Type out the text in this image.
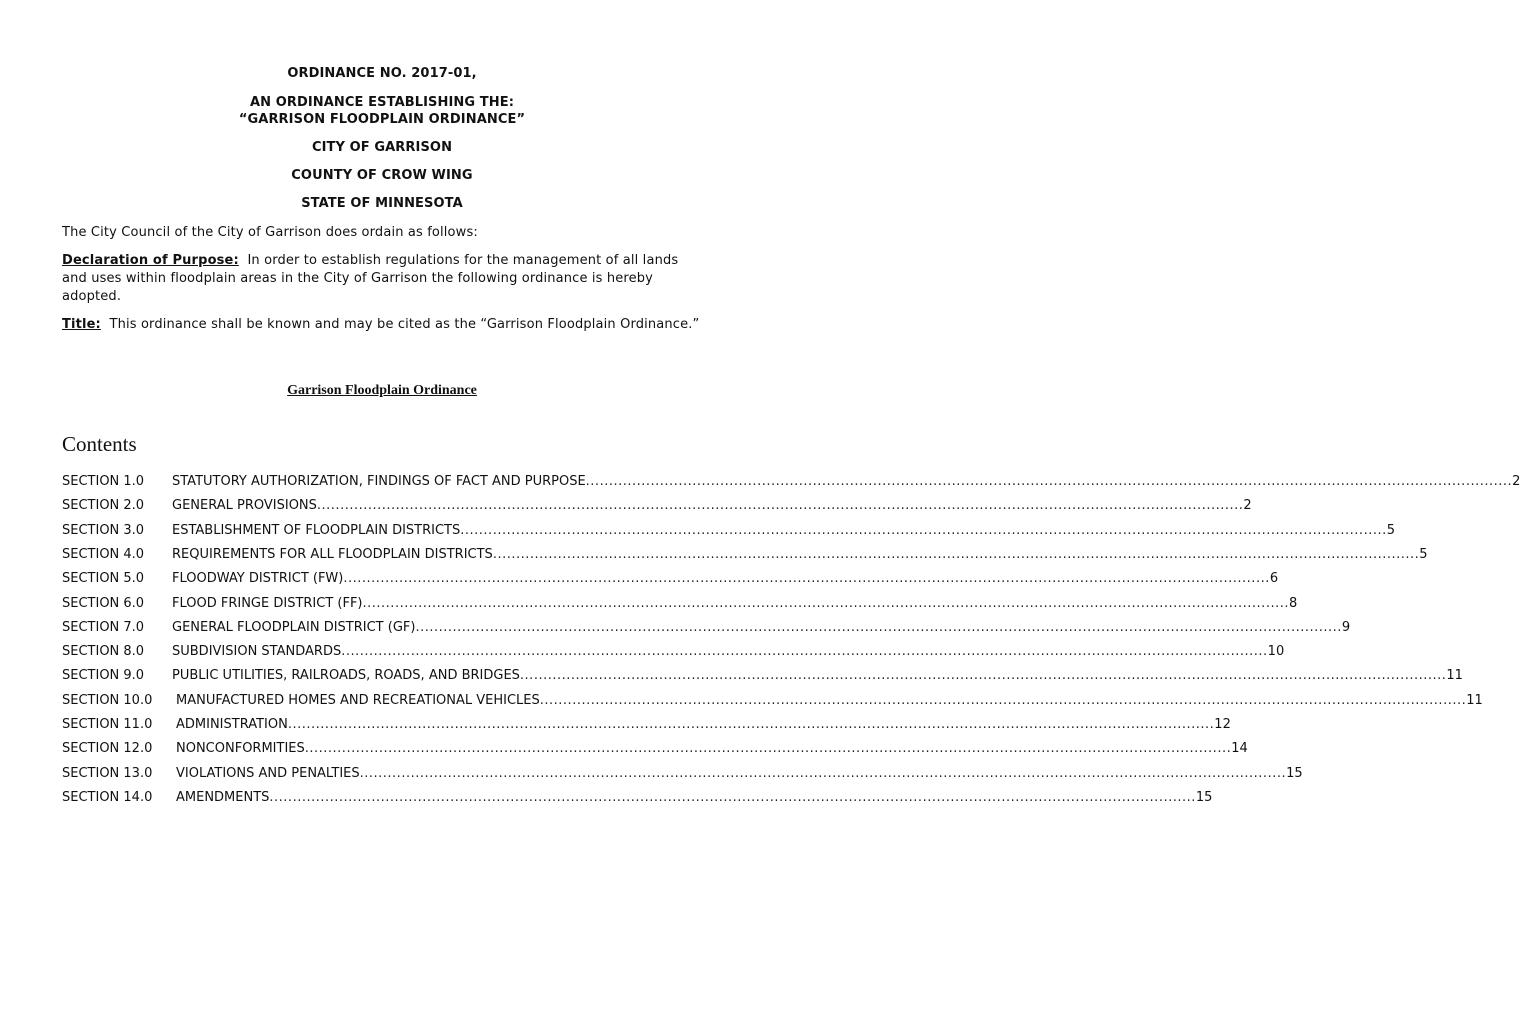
ORDINANCE NO. 2017-01,
AN ORDINANCE ESTABLISHING THE:
“GARRISON FLOODPLAIN ORDINANCE”
CITY OF GARRISON
COUNTY OF CROW WING
STATE OF MINNESOTA
The City Council of the City of Garrison does ordain as follows:
Declaration of Purpose: In order to establish regulations for the management of all lands and uses within floodplain areas in the City of Garrison the following ordinance is hereby adopted.
Title: This ordinance shall be known and may be cited as the “Garrison Floodplain Ordinance.”
Garrison Floodplain Ordinance
Contents
SECTION 1.0	STATUTORY AUTHORIZATION, FINDINGS OF FACT AND PURPOSE ........................................................................................................................................................................................................ 2
SECTION 2.0	GENERAL PROVISIONS ........................................................................................................................................................................................................ 2
SECTION 3.0	ESTABLISHMENT OF FLOODPLAIN DISTRICTS ........................................................................................................................................................................................................ 5
SECTION 4.0	REQUIREMENTS FOR ALL FLOODPLAIN DISTRICTS ........................................................................................................................................................................................................ 5
SECTION 5.0	FLOODWAY DISTRICT (FW) ........................................................................................................................................................................................................ 6
SECTION 6.0	FLOOD FRINGE DISTRICT (FF) ........................................................................................................................................................................................................ 8
SECTION 7.0	GENERAL FLOODPLAIN DISTRICT (GF) ........................................................................................................................................................................................................ 9
SECTION 8.0	SUBDIVISION STANDARDS ........................................................................................................................................................................................................ 10
SECTION 9.0	PUBLIC UTILITIES, RAILROADS, ROADS, AND BRIDGES ........................................................................................................................................................................................................ 11
SECTION 10.0	MANUFACTURED HOMES AND RECREATIONAL VEHICLES ........................................................................................................................................................................................................ 11
SECTION 11.0	ADMINISTRATION ........................................................................................................................................................................................................ 12
SECTION 12.0	NONCONFORMITIES ........................................................................................................................................................................................................ 14
SECTION 13.0	VIOLATIONS AND PENALTIES ........................................................................................................................................................................................................ 15
SECTION 14.0	AMENDMENTS ........................................................................................................................................................................................................ 15
